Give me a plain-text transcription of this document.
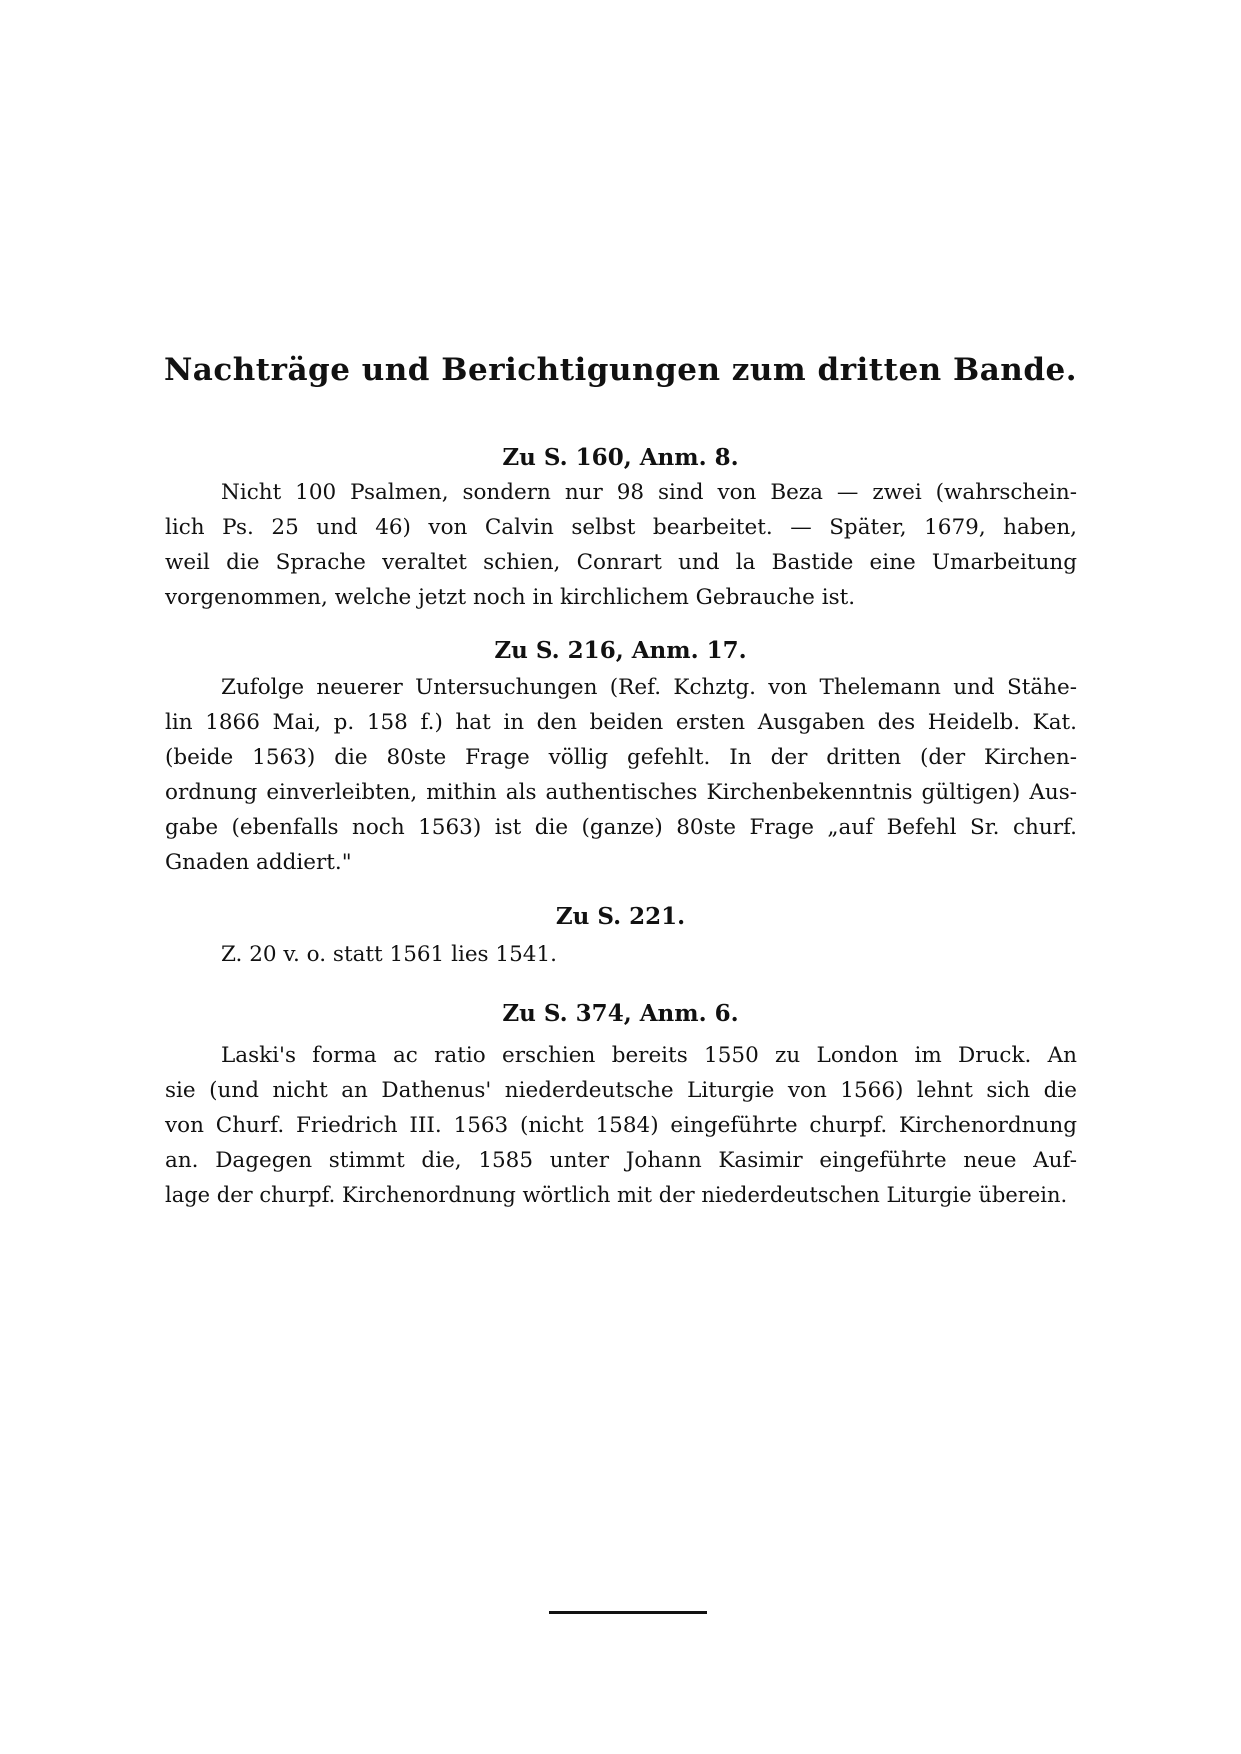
Nachträge und Berichtigungen zum dritten Bande.
Zu S. 160, Anm. 8.

Nicht 100 Psalmen, sondern nur 98 sind von Beza — zwei (wahrschein-
lich Ps. 25 und 46) von Calvin selbst bearbeitet. — Später, 1679, haben,
weil die Sprache veraltet schien, Conrart und la Bastide eine Umarbeitung
vorgenommen, welche jetzt noch in kirchlichem Gebrauche ist.

Zu S. 216, Anm. 17.

Zufolge neuerer Untersuchungen (Ref. Kchztg. von Thelemann und Stähe-
lin 1866 Mai, p. 158 f.) hat in den beiden ersten Ausgaben des Heidelb. Kat.
(beide 1563) die 80ste Frage völlig gefehlt. In der dritten (der Kirchen-
ordnung einverleibten, mithin als authentisches Kirchenbekenntnis gültigen) Aus-
gabe (ebenfalls noch 1563) ist die (ganze) 80ste Frage „auf Befehl Sr. churf.
Gnaden addiert."

Zu S. 221.

Z. 20 v. o. statt 1561 lies 1541.

Zu S. 374, Anm. 6.

Laski's forma ac ratio erschien bereits 1550 zu London im Druck. An
sie (und nicht an Dathenus' niederdeutsche Liturgie von 1566) lehnt sich die
von Churf. Friedrich III. 1563 (nicht 1584) eingeführte churpf. Kirchenordnung
an. Dagegen stimmt die, 1585 unter Johann Kasimir eingeführte neue Auf-
lage der churpf. Kirchenordnung wörtlich mit der niederdeutschen Liturgie überein.
